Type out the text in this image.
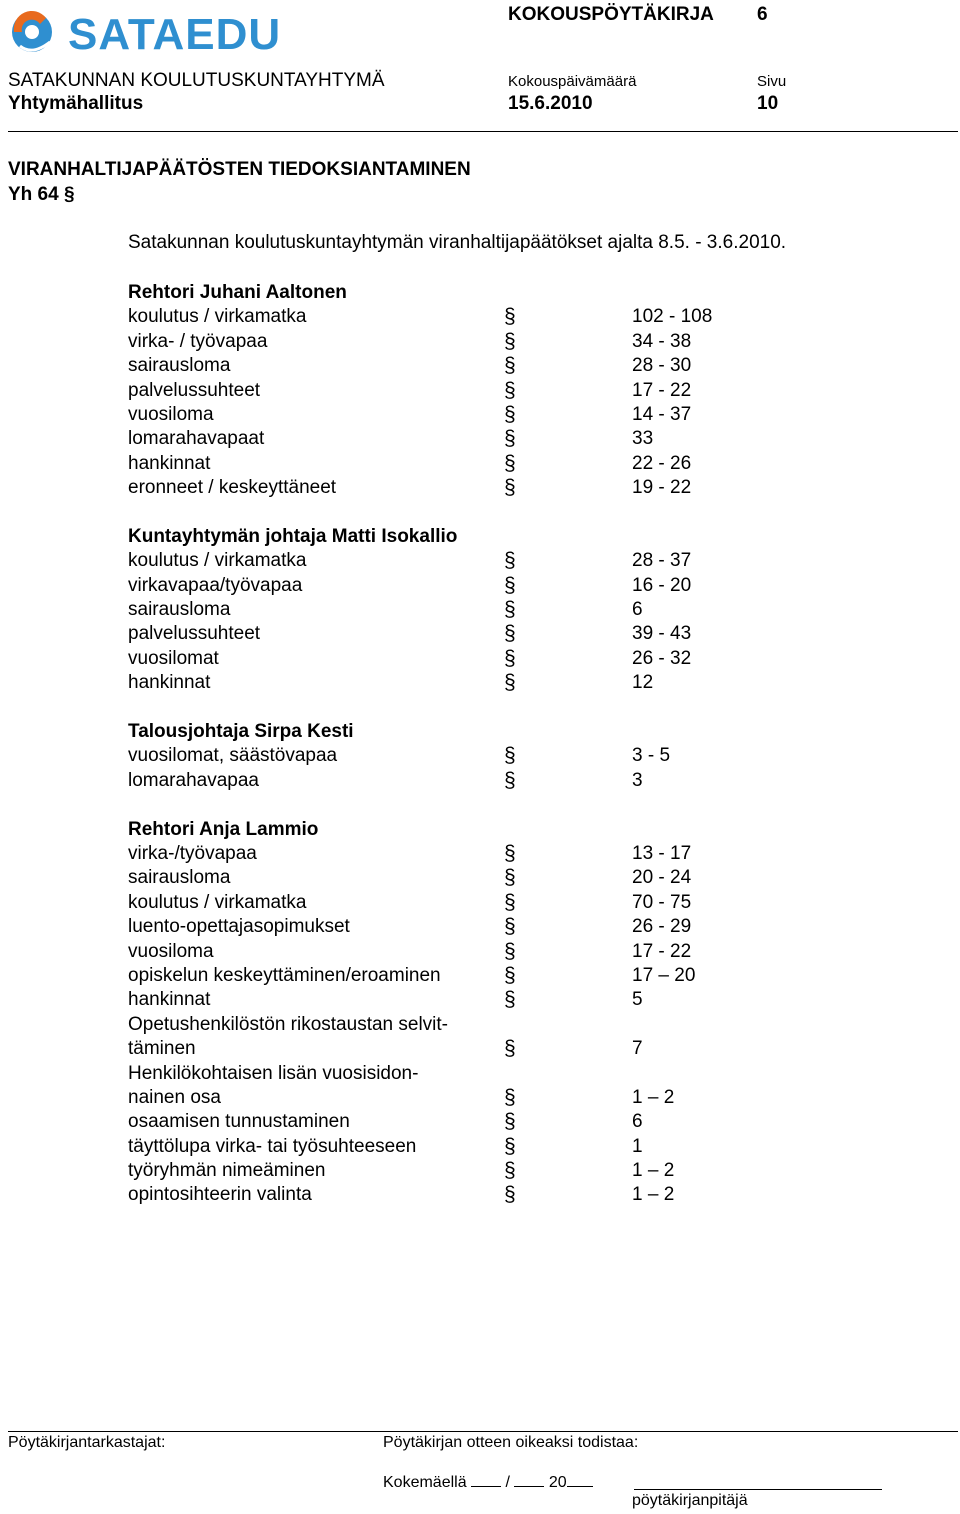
SATAEDU	KOKOUSPÖYTÄKIRJA 6
SATAKUNNAN KOULUTUSKUNTAYHTYMÄ	Kokouspäivämäärä	Sivu
Yhtymähallitus	15.6.2010	10
VIRANHALTIJAPÄÄTÖSTEN TIEDOKSIANTAMINEN
Yh 64 §
Satakunnan koulutuskuntayhtymän viranhaltijapäätökset ajalta 8.5. - 3.6.2010.
Rehtori Juhani Aaltonen
koulutus / virkamatka	§	102 - 108
virka- / työvapaa	§	34 - 38
sairausloma	§	28 - 30
palvelussuhteet	§	17 - 22
vuosiloma	§	14 - 37
lomarahavapaat	§	33
hankinnat	§	22 - 26
eronneet / keskeyttäneet	§	19 - 22
Kuntayhtymän johtaja Matti Isokallio
koulutus / virkamatka	§	28 - 37
virkavapaa/työvapaa	§	16 - 20
sairausloma	§	6
palvelussuhteet	§	39 - 43
vuosilomat	§	26 - 32
hankinnat	§	12
Talousjohtaja Sirpa Kesti
vuosilomat, säästövapaa	§	3 - 5
lomarahavapaa	§	3
Rehtori Anja Lammio
virka-/työvapaa	§	13 - 17
sairausloma	§	20 - 24
koulutus / virkamatka	§	70 - 75
luento-opettajasopimukset	§	26 - 29
vuosiloma	§	17 - 22
opiskelun keskeyttäminen/eroaminen	§	17 – 20
hankinnat	§	5
Opetushenkilöstön rikostaustan selvit-
täminen	§	7
Henkilökohtaisen lisän vuosisidon-
nainen osa	§	1 – 2
osaamisen tunnustaminen	§	6
täyttölupa virka- tai työsuhteeseen	§	1
työryhmän nimeäminen	§	1 – 2
opintosihteerin valinta	§	1 – 2
Pöytäkirjantarkastajat:	Pöytäkirjan otteen oikeaksi todistaa:
Kokemäellä / 20
pöytäkirjanpitäjä
